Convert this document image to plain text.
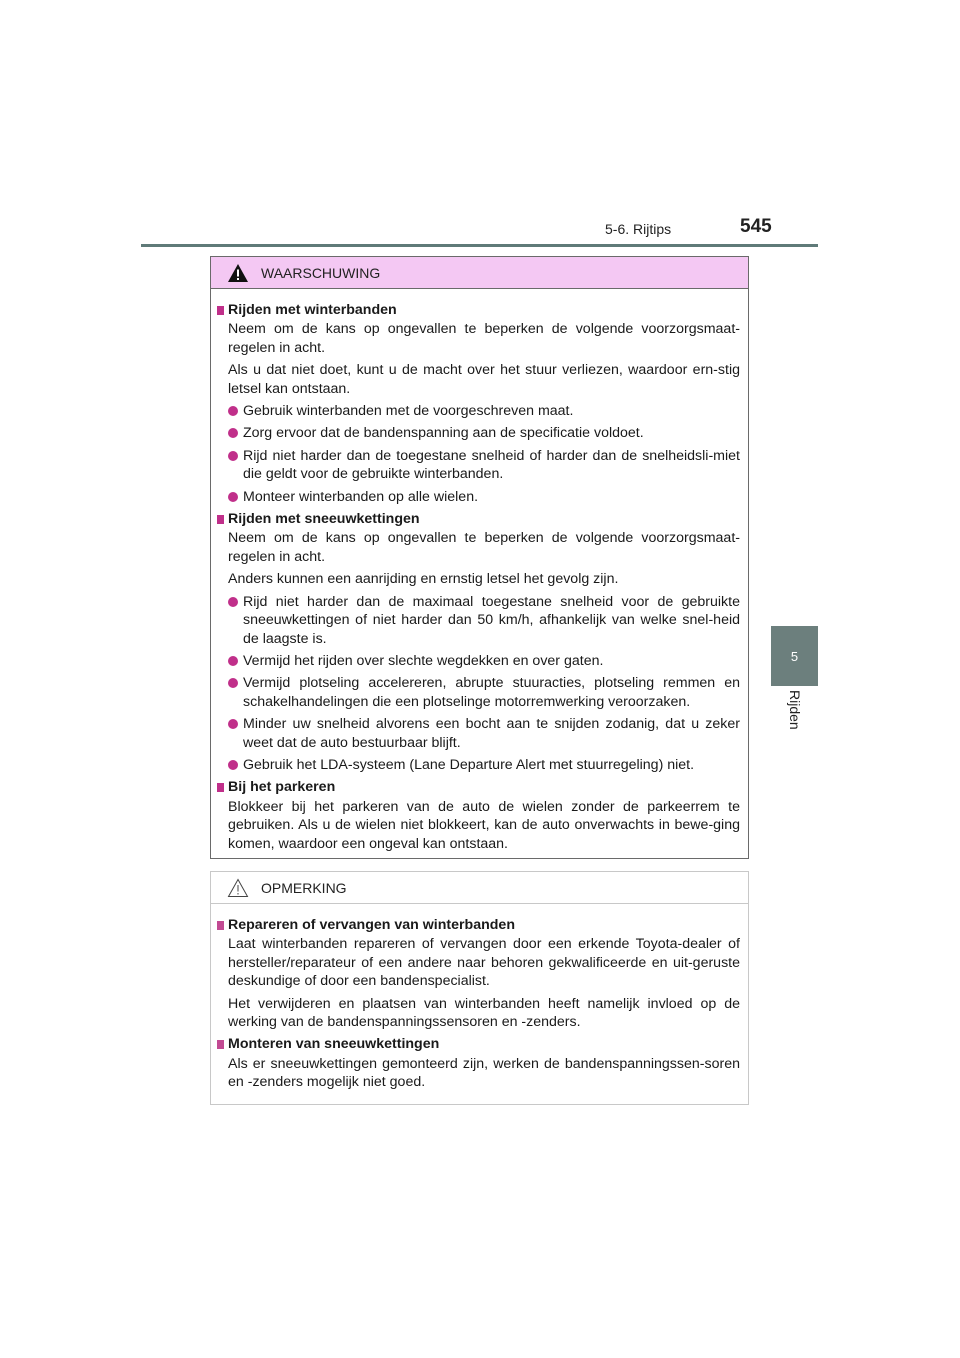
5-6. Rijtips	545
5
Rijden
WAARSCHUWING
Rijden met winterbanden
Neem om de kans op ongevallen te beperken de volgende voorzorgsmaat-regelen in acht.
Als u dat niet doet, kunt u de macht over het stuur verliezen, waardoor ern-stig letsel kan ontstaan.
Gebruik winterbanden met de voorgeschreven maat.
Zorg ervoor dat de bandenspanning aan de specificatie voldoet.
Rijd niet harder dan de toegestane snelheid of harder dan de snelheidsli-miet die geldt voor de gebruikte winterbanden.
Monteer winterbanden op alle wielen.
Rijden met sneeuwkettingen
Neem om de kans op ongevallen te beperken de volgende voorzorgsmaat-regelen in acht.
Anders kunnen een aanrijding en ernstig letsel het gevolg zijn.
Rijd niet harder dan de maximaal toegestane snelheid voor de gebruikte sneeuwkettingen of niet harder dan 50 km/h, afhankelijk van welke snel-heid de laagste is.
Vermijd het rijden over slechte wegdekken en over gaten.
Vermijd plotseling accelereren, abrupte stuuracties, plotseling remmen en schakelhandelingen die een plotselinge motorremwerking veroorzaken.
Minder uw snelheid alvorens een bocht aan te snijden zodanig, dat u zeker weet dat de auto bestuurbaar blijft.
Gebruik het LDA-systeem (Lane Departure Alert met stuurregeling) niet.
Bij het parkeren
Blokkeer bij het parkeren van de auto de wielen zonder de parkeerrem te gebruiken. Als u de wielen niet blokkeert, kan de auto onverwachts in bewe-ging komen, waardoor een ongeval kan ontstaan.
OPMERKING
Repareren of vervangen van winterbanden
Laat winterbanden repareren of vervangen door een erkende Toyota-dealer of hersteller/reparateur of een andere naar behoren gekwalificeerde en uit-geruste deskundige of door een bandenspecialist.
Het verwijderen en plaatsen van winterbanden heeft namelijk invloed op de werking van de bandenspanningssensoren en -zenders.
Monteren van sneeuwkettingen
Als er sneeuwkettingen gemonteerd zijn, werken de bandenspanningssen-soren en -zenders mogelijk niet goed.
